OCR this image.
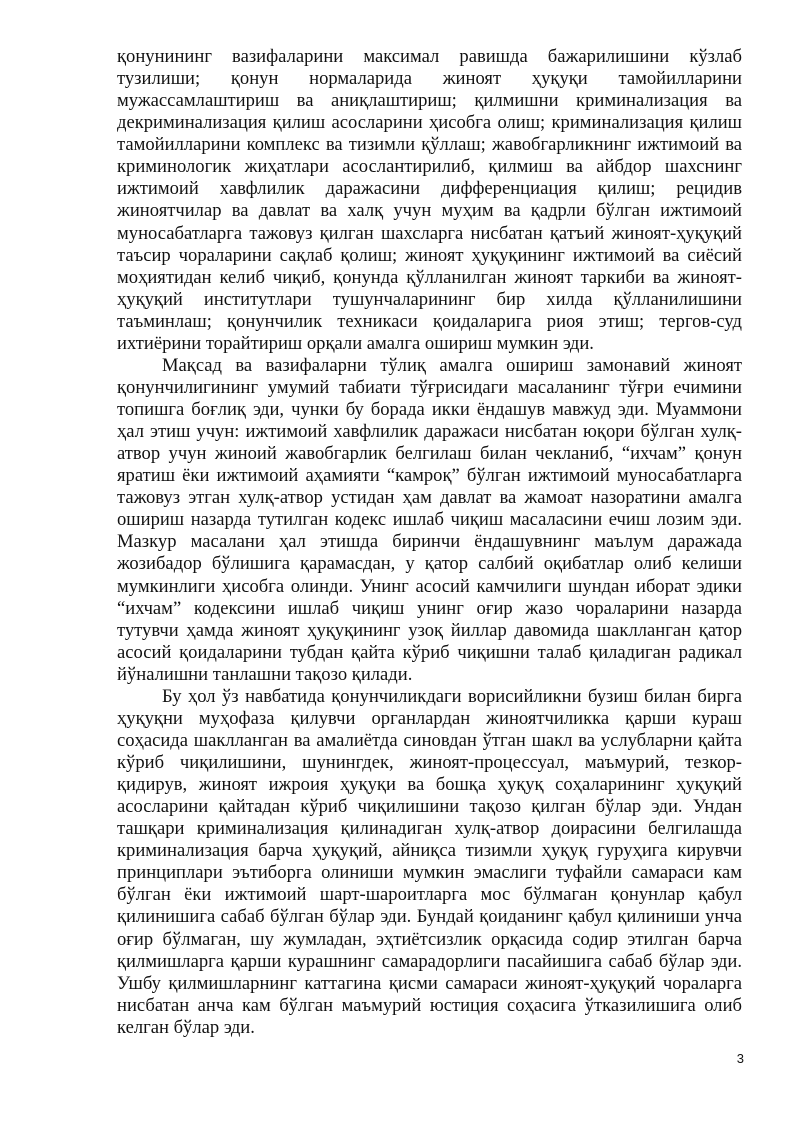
қонунининг вазифаларини максимал равишда бажарилишини кўзлаб тузилиши; қонун нормаларида жиноят ҳуқуқи тамойилларини мужассамлаштириш ва аниқлаштириш; қилмишни криминализация ва декриминализация қилиш асосларини ҳисобга олиш; криминализация қилиш тамойилларини комплекс ва тизимли қўллаш; жавобгарликнинг ижтимоий ва криминологик жиҳатлари асослантирилиб, қилмиш ва айбдор шахснинг ижтимоий хавфлилик даражасини дифференциация қилиш; рецидив жиноятчилар ва давлат ва халқ учун муҳим ва қадрли бўлган ижтимоий муносабатларга тажовуз қилган шахсларга нисбатан қатъий жиноят-ҳуқуқий таъсир чораларини сақлаб қолиш; жиноят ҳуқуқининг ижтимоий ва сиёсий моҳиятидан келиб чиқиб, қонунда қўлланилган жиноят таркиби ва жиноят-ҳуқуқий институтлари тушунчаларининг бир хилда қўлланилишини таъминлаш; қонунчилик техникаси қоидаларига риоя этиш; тергов-суд ихтиёрини торайтириш орқали амалга ошириш мумкин эди.

Мақсад ва вазифаларни тўлиқ амалга ошириш замонавий жиноят қонунчилигининг умумий табиати тўғрисидаги масаланинг тўғри ечимини топишга боғлиқ эди, чунки бу борада икки ёндашув мавжуд эди. Муаммони ҳал этиш учун: ижтимоий хавфлилик даражаси нисбатан юқори бўлган хулқ-атвор учун жиноий жавобгарлик белгилаш билан чекланиб, “ихчам” қонун яратиш ёки ижтимоий аҳамияти “камроқ” бўлган ижтимоий муносабатларга тажовуз этган хулқ-атвор устидан ҳам давлат ва жамоат назоратини амалга ошириш назарда тутилган кодекс ишлаб чиқиш масаласини ечиш лозим эди. Мазкур масалани ҳал этишда биринчи ёндашувнинг маълум даражада жозибадор бўлишига қарамасдан, у қатор салбий оқибатлар олиб келиши мумкинлиги ҳисобга олинди. Унинг асосий камчилиги шундан иборат эдики “ихчам” кодексини ишлаб чиқиш унинг оғир жазо чораларини назарда тутувчи ҳамда жиноят ҳуқуқининг узоқ йиллар давомида шаклланган қатор асосий қоидаларини тубдан қайта кўриб чиқишни талаб қиладиган радикал йўналишни танлашни тақозо қилади.

Бу ҳол ўз навбатида қонунчиликдаги ворисийликни бузиш билан бирга ҳуқуқни муҳофаза қилувчи органлардан жиноятчиликка қарши кураш соҳасида шаклланган ва амалиётда синовдан ўтган шакл ва услубларни қайта кўриб чиқилишини, шунингдек, жиноят-процессуал, маъмурий, тезкор-қидирув, жиноят ижроия ҳуқуқи ва бошқа ҳуқуқ соҳаларининг ҳуқуқий асосларини қайтадан кўриб чиқилишини тақозо қилган бўлар эди. Ундан ташқари криминализация қилинадиган хулқ-атвор доирасини белгилашда криминализация барча ҳуқуқий, айниқса тизимли ҳуқуқ гуруҳига кирувчи принциплари эътиборга олиниши мумкин эмаслиги туфайли самараси кам бўлган ёки ижтимоий шарт-шароитларга мос бўлмаган қонунлар қабул қилинишига сабаб бўлган бўлар эди. Бундай қоиданинг қабул қилиниши унча оғир бўлмаган, шу жумладан, эҳтиётсизлик орқасида содир этилган барча қилмишларга қарши курашнинг самарадорлиги пасайишига сабаб бўлар эди. Ушбу қилмишларнинг каттагина қисми самараси жиноят-ҳуқуқий чораларга нисбатан анча кам бўлган маъмурий юстиция соҳасига ўтказилишига олиб келган бўлар эди.

3
